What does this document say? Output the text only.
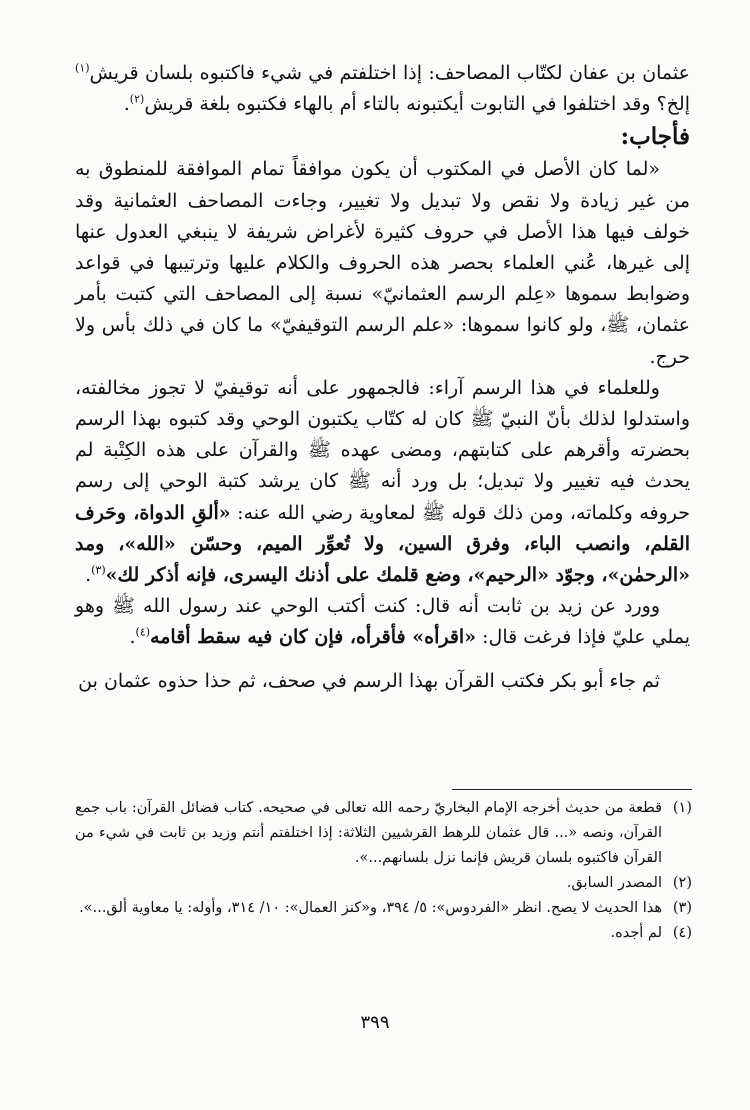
عثمان بن عفان لكتّاب المصاحف: إذا اختلفتم في شيء فاكتبوه بلسان قريش$^{(١)}$ إلخ؟ وقد اختلفوا في التابوت أيكتبونه بالتاء أم بالهاء فكتبوه بلغة قريش$^{(٢)}$.

فأجاب:

«لما كان الأصل في المكتوب أن يكون موافقاً تمام الموافقة للمنطوق به من غير زيادة ولا نقص ولا تبديل ولا تغيير، وجاءت المصاحف العثمانية وقد خولف فيها هذا الأصل في حروف كثيرة لأغراض شريفة لا ينبغي العدول عنها إلى غيرها، عُني العلماء بحصر هذه الحروف والكلام عليها وترتيبها في قواعد وضوابط سموها «عِلم الرسم العثمانيّ» نسبة إلى المصاحف التي كتبت بأمر عثمان، ﷺ، ولو كانوا سموها: «علم الرسم التوقيفيّ» ما كان في ذلك بأس ولا حرج.

وللعلماء في هذا الرسم آراء: فالجمهور على أنه توقيفيّ لا تجوز مخالفته، واستدلوا لذلك بأنّ النبيّ ﷺ كان له كتّاب يكتبون الوحي وقد كتبوه بهذا الرسم بحضرته وأقرهم على كتابتهم، ومضى عهده ﷺ والقرآن على هذه الكِتْبة لم يحدث فيه تغيير ولا تبديل؛ بل ورد أنه ﷺ كان يرشد كتبة الوحي إلى رسم حروفه وكلماته، ومن ذلك قوله ﷺ لمعاوية رضي الله عنه: «ألقِ الدواة، وحَرف القلم، وانصب الباء، وفرق السين، ولا تُعوِّر الميم، وحسّن «الله»، ومد «الرحمٰن»، وجوّد «الرحيم»، وضع قلمك على أذنك اليسرى، فإنه أذكر لك»$^{(٣)}$.

وورد عن زيد بن ثابت أنه قال: كنت أكتب الوحي عند رسول الله ﷺ وهو يملي عليّ فإذا فرغت قال: «اقرأه» فأقرأه، فإن كان فيه سقط أقامه$^{(٤)}$.

ثم جاء أبو بكر فكتب القرآن بهذا الرسم في صحف، ثم حذا حذوه عثمان بن

(١)
قطعة من حديث أخرجه الإمام البخاريّ رحمه الله تعالى في صحيحه. كتاب فضائل القرآن: باب جمع القرآن، ونصه «... قال عثمان للرهط القرشيين الثلاثة: إذا اختلفتم أنتم وزيد بن ثابت في شيء من القرآن فاكتبوه بلسان قريش فإنما نزل بلسانهم...».
(٢)
المصدر السابق.
(٣)
هذا الحديث لا يصح. انظر «الفردوس»: ٥/ ٣٩٤، و«كنز العمال»: ١٠/ ٣١٤، وأوله: يا معاوية ألق...».
(٤)
لم أجده.
٣٩٩
